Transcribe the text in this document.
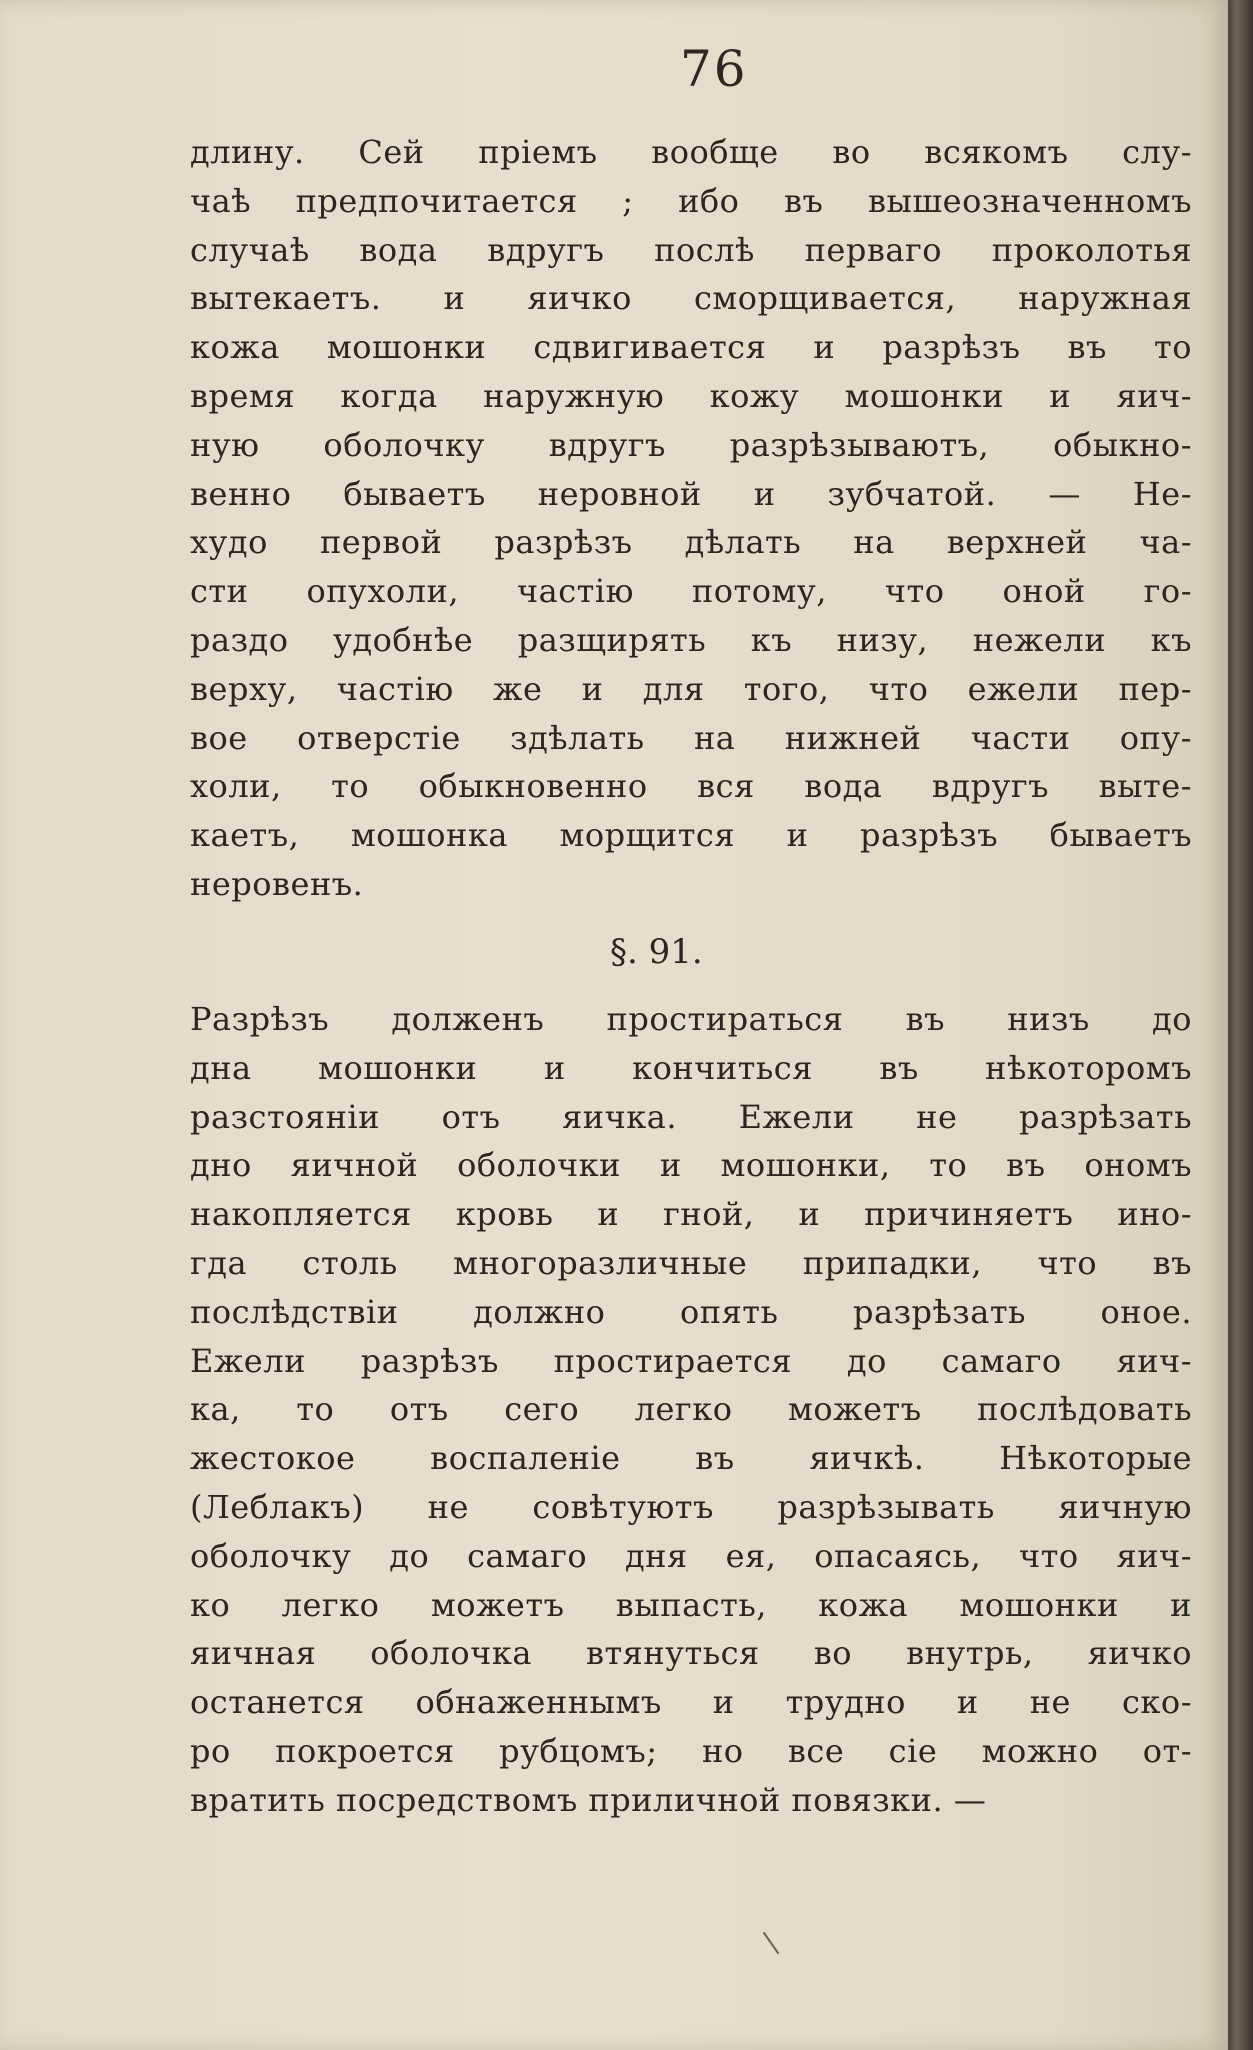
76
длину. Сей прiемъ вообще во всякомъ слу-
чаѣ предпочитается ; ибо въ вышеозначенномъ
случаѣ вода вдругъ послѣ перваго проколотья
вытекаетъ. и яичко сморщивается, наружная
кожа мошонки сдвигивается и разрѣзъ въ то
время когда наружную кожу мошонки и яич-
ную оболочку вдругъ разрѣзываютъ, обыкно-
венно бываетъ неровной и зубчатой. — Не-
худо первой разрѣзъ дѣлать на верхней ча-
сти опухоли, частiю потому, что оной го-
раздо удобнѣе разщирять къ низу, нежели къ
верху, частiю же и для того, что ежели пер-
вое отверстiе здѣлать на нижней части опу-
холи, то обыкновенно вся вода вдругъ выте-
каетъ, мошонка морщится и разрѣзъ бываетъ
неровенъ.
§. 91.
Разрѣзъ долженъ простираться въ низъ до
дна мошонки и кончиться въ нѣкоторомъ
разстоянiи отъ яичка. Ежели не разрѣзать
дно яичной оболочки и мошонки, то въ ономъ
накопляется кровь и гной, и причиняетъ ино-
гда столь многоразличные припадки, что въ
послѣдствiи должно опять разрѣзать оное.
Ежели разрѣзъ простирается до самаго яич-
ка, то отъ сего легко можетъ послѣдовать
жестокое воспаленiе въ яичкѣ. Нѣкоторые
(Леблакъ) не совѣтуютъ разрѣзывать яичную
оболочку до самаго дня ея, опасаясь, что яич-
ко легко можетъ выпасть, кожа мошонки и
яичная оболочка втянуться во внутрь, яичко
останется обнаженнымъ и трудно и не ско-
ро покроется рубцомъ; но все сiе можно от-
вратить посредствомъ приличной повязки. —
